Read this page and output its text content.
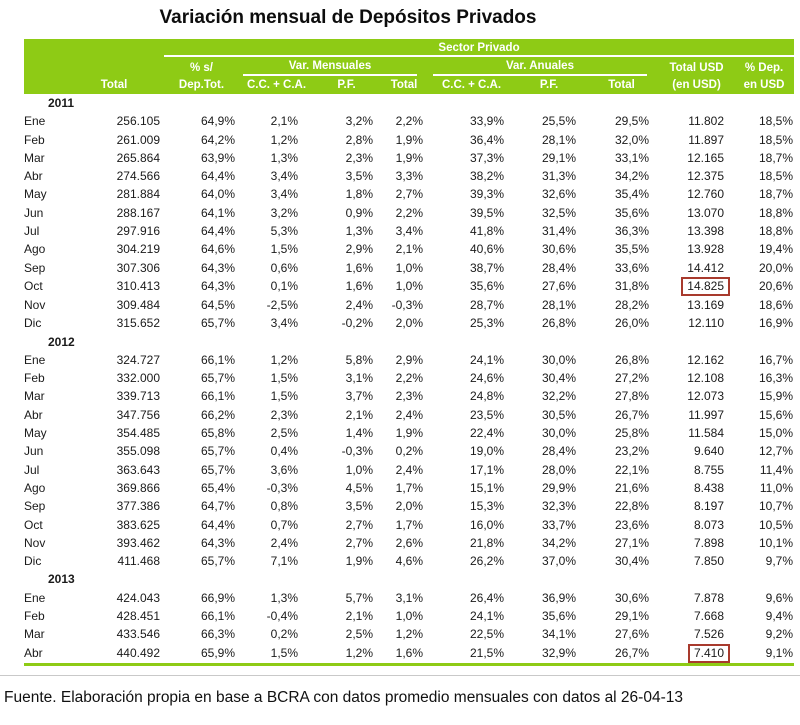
Variación mensual de Depósitos Privados
		Sector Privado								
		% s/	Var. Mensuales			Var. Anuales			Total USD	% Dep.
	Total	Dep.Tot.	C.C. + C.A.	P.F.	Total	C.C. + C.A.	P.F.	Total	(en USD)	en USD
2011										
Ene	256.105	64,9%	2,1%	3,2%	2,2%	33,9%	25,5%	29,5%	11.802	18,5%
Feb	261.009	64,2%	1,2%	2,8%	1,9%	36,4%	28,1%	32,0%	11.897	18,5%
Mar	265.864	63,9%	1,3%	2,3%	1,9%	37,3%	29,1%	33,1%	12.165	18,7%
Abr	274.566	64,4%	3,4%	3,5%	3,3%	38,2%	31,3%	34,2%	12.375	18,5%
May	281.884	64,0%	3,4%	1,8%	2,7%	39,3%	32,6%	35,4%	12.760	18,7%
Jun	288.167	64,1%	3,2%	0,9%	2,2%	39,5%	32,5%	35,6%	13.070	18,8%
Jul	297.916	64,4%	5,3%	1,3%	3,4%	41,8%	31,4%	36,3%	13.398	18,8%
Ago	304.219	64,6%	1,5%	2,9%	2,1%	40,6%	30,6%	35,5%	13.928	19,4%
Sep	307.306	64,3%	0,6%	1,6%	1,0%	38,7%	28,4%	33,6%	14.412	20,0%
Oct	310.413	64,3%	0,1%	1,6%	1,0%	35,6%	27,6%	31,8%	14.825	20,6%
Nov	309.484	64,5%	-2,5%	2,4%	-0,3%	28,7%	28,1%	28,2%	13.169	18,6%
Dic	315.652	65,7%	3,4%	-0,2%	2,0%	25,3%	26,8%	26,0%	12.110	16,9%
2012										
Ene	324.727	66,1%	1,2%	5,8%	2,9%	24,1%	30,0%	26,8%	12.162	16,7%
Feb	332.000	65,7%	1,5%	3,1%	2,2%	24,6%	30,4%	27,2%	12.108	16,3%
Mar	339.713	66,1%	1,5%	3,7%	2,3%	24,8%	32,2%	27,8%	12.073	15,9%
Abr	347.756	66,2%	2,3%	2,1%	2,4%	23,5%	30,5%	26,7%	11.997	15,6%
May	354.485	65,8%	2,5%	1,4%	1,9%	22,4%	30,0%	25,8%	11.584	15,0%
Jun	355.098	65,7%	0,4%	-0,3%	0,2%	19,0%	28,4%	23,2%	9.640	12,7%
Jul	363.643	65,7%	3,6%	1,0%	2,4%	17,1%	28,0%	22,1%	8.755	11,4%
Ago	369.866	65,4%	-0,3%	4,5%	1,7%	15,1%	29,9%	21,6%	8.438	11,0%
Sep	377.386	64,7%	0,8%	3,5%	2,0%	15,3%	32,3%	22,8%	8.197	10,7%
Oct	383.625	64,4%	0,7%	2,7%	1,7%	16,0%	33,7%	23,6%	8.073	10,5%
Nov	393.462	64,3%	2,4%	2,7%	2,6%	21,8%	34,2%	27,1%	7.898	10,1%
Dic	411.468	65,7%	7,1%	1,9%	4,6%	26,2%	37,0%	30,4%	7.850	9,7%
2013										
Ene	424.043	66,9%	1,3%	5,7%	3,1%	26,4%	36,9%	30,6%	7.878	9,6%
Feb	428.451	66,1%	-0,4%	2,1%	1,0%	24,1%	35,6%	29,1%	7.668	9,4%
Mar	433.546	66,3%	0,2%	2,5%	1,2%	22,5%	34,1%	27,6%	7.526	9,2%
Abr	440.492	65,9%	1,5%	1,2%	1,6%	21,5%	32,9%	26,7%	7.410	9,1%
Fuente. Elaboración propia en base a BCRA con datos promedio mensuales con datos al 26-04-13
